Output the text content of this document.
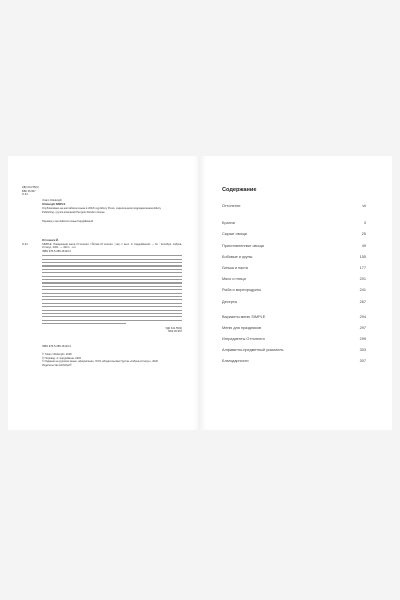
УДК 641.55(0)
ББК 36.997
О-61
Yotam Ottolenghi
Ottolenghi SIMPLE
Опубликовано на английском языке в 2018 году Ebury Press, издательским подразделением Ebury Publishing, группа компаний Penguin Random House.
Перевод с английского Анны Кирдяйкиной
О-61
Оттоленги Й.
SIMPLE. Поваренная книга Оттоленги / Йотам Оттоленги ; пер. с англ. А. Кирдяйкиной. — М. : Колибри, Азбука-Аттикус, 2021. — 320 с. : ил.
ISBN 978-5-389-16120-2
УДК 641.55(0)
ББК 36.997
ISBN 978-5-389-16120-2
© Yotam Ottolenghi, 2018
© Перевод. А. Кирдяйкина, 2020
© Издание на русском языке, оформление. ООО «Издательская Группа «Азбука-Аттикус», 2020
Издательство КоЛибри®
Содержание
Оттоленги	vii
Бранчи	3
Сырые овощи	25
Приготовленные овощи	49
Бобовые и крупы	155
Лапша и паста	177
Мясо и птица	201
Рыба и морепродукты	241
Десерты	267
Варианты меню SIMPLE	294
Меню для праздников	297
Ингредиенты Оттоленги	299
Алфавитно-предметный указатель	303
Благодарности	307
